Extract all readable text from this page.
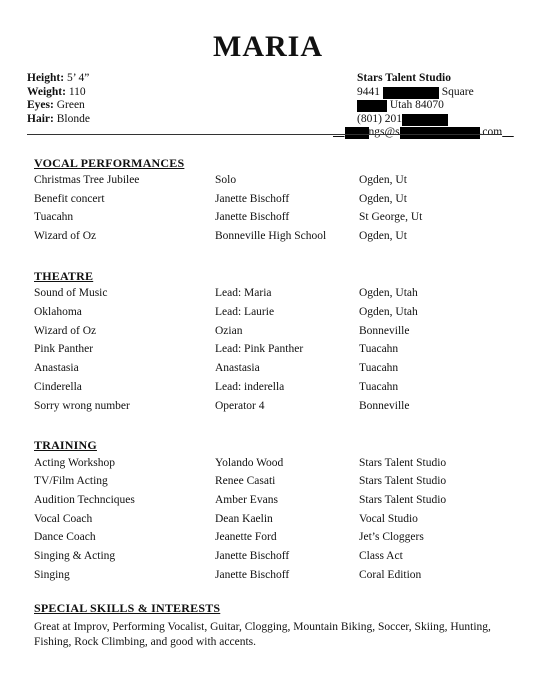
MARIA
Height: 5’ 4”
Weight: 110
Eyes: Green
Hair: Blonde
Stars Talent Studio
9441	Square
Utah 84070
(801) 201
ngs@s	.com
VOCAL PERFORMANCES
Christmas Tree Jubilee	Solo	Ogden, Ut
Benefit concert	Janette Bischoff	Ogden, Ut
Tuacahn	Janette Bischoff	St George, Ut
Wizard of Oz	Bonneville High School	Ogden, Ut
THEATRE
Sound of Music	Lead: Maria	Ogden, Utah
Oklahoma	Lead: Laurie	Ogden, Utah
Wizard of Oz	Ozian	Bonneville
Pink Panther	Lead: Pink Panther	Tuacahn
Anastasia	Anastasia	Tuacahn
Cinderella	Lead: inderella	Tuacahn
Sorry wrong number	Operator 4	Bonneville
TRAINING
Acting Workshop	Yolando Wood	Stars Talent Studio
TV/Film Acting	Renee Casati	Stars Talent Studio
Audition Technciques	Amber Evans	Stars Talent Studio
Vocal Coach	Dean Kaelin	Vocal Studio
Dance Coach	Jeanette Ford	Jet’s Cloggers
Singing & Acting	Janette Bischoff	Class Act
Singing	Janette Bischoff	Coral Edition
SPECIAL SKILLS & INTERESTS
Great at Improv, Performing Vocalist, Guitar, Clogging, Mountain Biking, Soccer, Skiing, Hunting, Fishing, Rock Climbing, and good with accents.
